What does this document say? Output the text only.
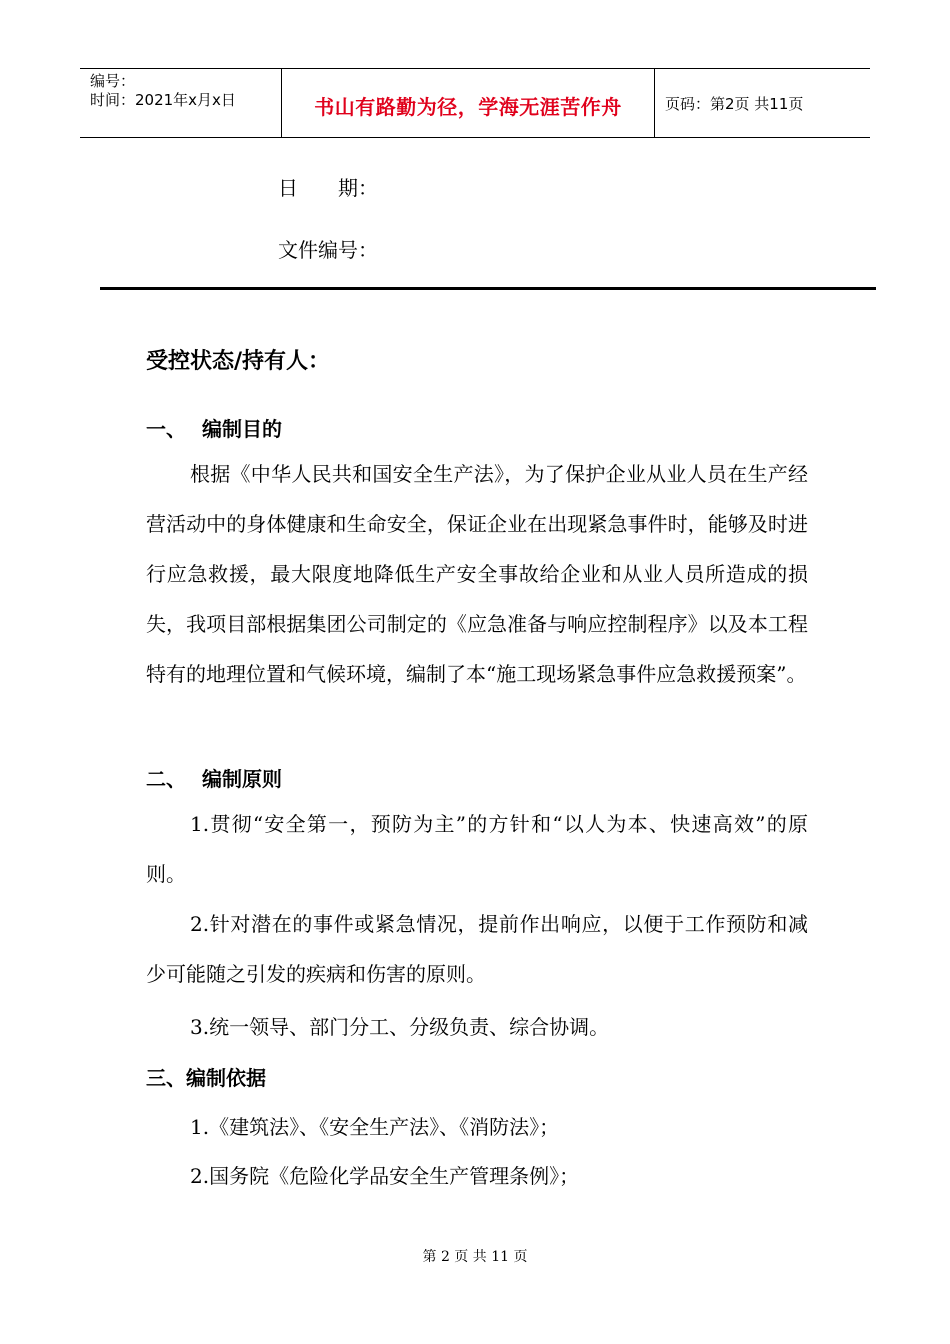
编号：
时间：2021年x月x日	书山有路勤为径，学海无涯苦作舟	页码：第2页 共11页
日　　期：
文件编号：
受控状态/持有人：
一、 编制目的
根据《中华人民共和国安全生产法》，为了保护企业从业人员在生产经营活动中的身体健康和生命安全，保证企业在出现紧急事件时，能够及时进行应急救援，最大限度地降低生产安全事故给企业和从业人员所造成的损失，我项目部根据集团公司制定的《应急准备与响应控制程序》以及本工程特有的地理位置和气候环境，编制了本“施工现场紧急事件应急救援预案”。
二、 编制原则
1.贯彻“安全第一，预防为主”的方针和“以人为本、快速高效”的原则。
2.针对潜在的事件或紧急情况，提前作出响应，以便于工作预防和减少可能随之引发的疾病和伤害的原则。
3.统一领导、部门分工、分级负责、综合协调。
三、编制依据
1.《建筑法》、《安全生产法》、《消防法》；
2.国务院《危险化学品安全生产管理条例》；
第 2 页 共 11 页
